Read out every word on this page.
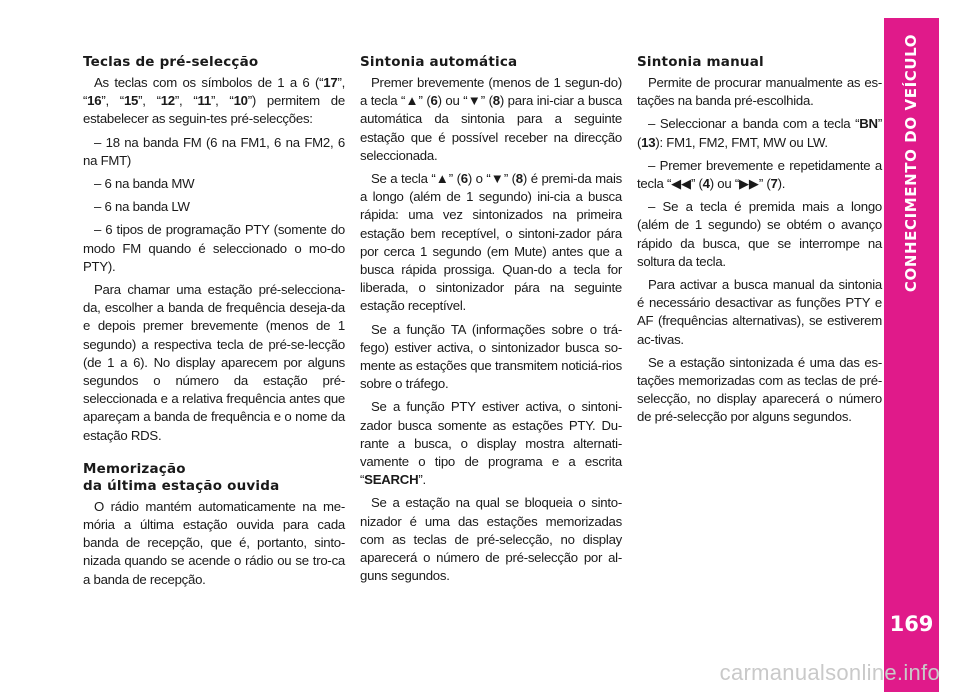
Teclas de pré-selecção

As teclas com os símbolos de 1 a 6 (“17”, “16”, “15”, “12”, “11”, “10”) permitem de estabelecer as seguin-tes pré-selecções:

– 18 na banda FM (6 na FM1, 6 na FM2, 6 na FMT)

– 6 na banda MW

– 6 na banda LW

– 6 tipos de programação PTY (somente do modo FM quando é seleccionado o mo-do PTY).

Para chamar uma estação pré-selecciona-da, escolher a banda de frequência deseja-da e depois premer brevemente (menos de 1 segundo) a respectiva tecla de pré-se-lecção (de 1 a 6). No display aparecem por alguns segundos o número da estação pré-seleccionada e a relativa frequência antes que apareçam a banda de frequência e o nome da estação RDS.

Memorização
da última estação ouvida

O rádio mantém automaticamente na me-mória a última estação ouvida para cada banda de recepção, que é, portanto, sinto-nizada quando se acende o rádio ou se tro-ca a banda de recepção.

Sintonia automática

Premer brevemente (menos de 1 segun-do) a tecla “▲” (6) ou “▼” (8) para ini-ciar a busca automática da sintonia para a seguinte estação que é possível receber na direcção seleccionada.

Se a tecla “▲” (6) o “▼” (8) é premi-da mais a longo (além de 1 segundo) ini-cia a busca rápida: uma vez sintonizados na primeira estação bem receptível, o sintoni-zador pára por cerca 1 segundo (em Mute) antes que a busca rápida prossiga. Quan-do a tecla for liberada, o sintonizador pára na seguinte estação receptível.

Se a função TA (informações sobre o trá-fego) estiver activa, o sintonizador busca so-mente as estações que transmitem noticiá-rios sobre o tráfego.

Se a função PTY estiver activa, o sintoni-zador busca somente as estações PTY. Du-rante a busca, o display mostra alternati-vamente o tipo de programa e a escrita “SEARCH”.

Se a estação na qual se bloqueia o sinto-nizador é uma das estações memorizadas com as teclas de pré-selecção, no display aparecerá o número de pré-selecção por al-guns segundos.

Sintonia manual

Permite de procurar manualmente as es-tações na banda pré-escolhida.

– Seleccionar a banda com a tecla “BN” (13): FM1, FM2, FMT, MW ou LW.

– Premer brevemente e repetidamente a tecla “◀◀” (4) ou “▶▶” (7).

– Se a tecla é premida mais a longo (além de 1 segundo) se obtém o avanço rápido da busca, que se interrompe na soltura da tecla.

Para activar a busca manual da sintonia é necessário desactivar as funções PTY e AF (frequências alternativas), se estiverem ac-tivas.

Se a estação sintonizada é uma das es-tações memorizadas com as teclas de pré-selecção, no display aparecerá o número de pré-selecção por alguns segundos.

CONHECIMENTO DO VEÍCULO
169
carmanualsonline.info
